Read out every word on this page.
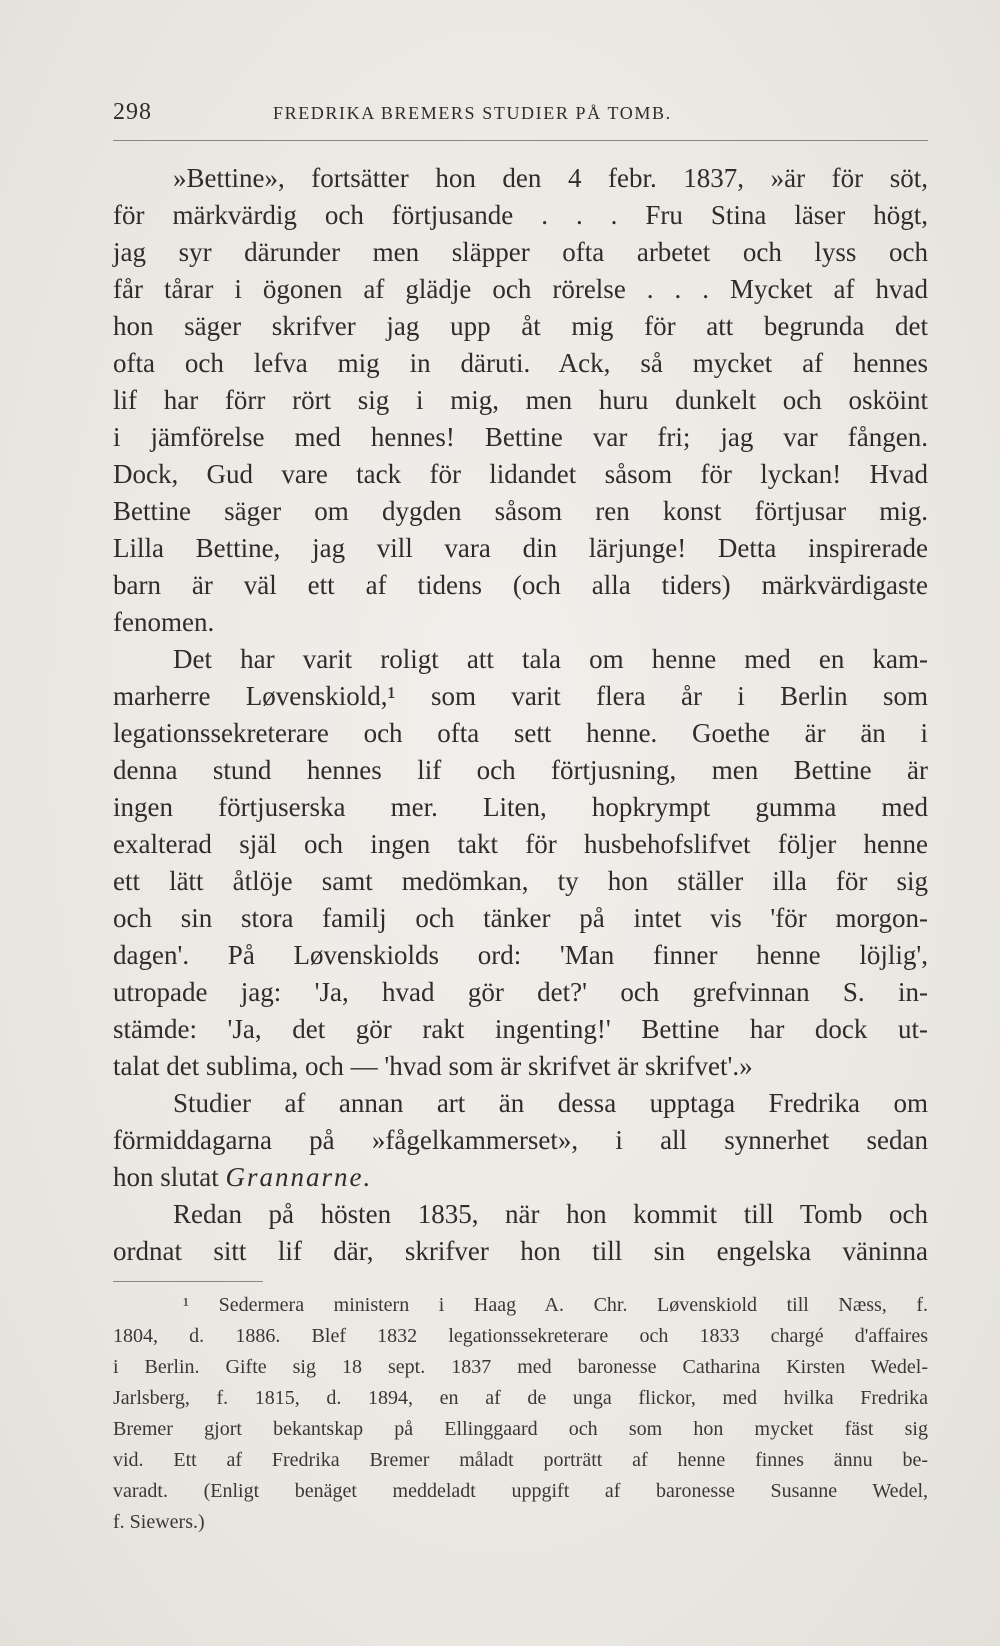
298	FREDRIKA BREMERS STUDIER PÅ TOMB.
»Bettine», fortsätter hon den 4 febr. 1837, »är för söt,
för märkvärdig och förtjusande . . . Fru Stina läser högt,
jag syr därunder men släpper ofta arbetet och lyss och
får tårar i ögonen af glädje och rörelse . . . Mycket af hvad
hon säger skrifver jag upp åt mig för att begrunda det
ofta och lefva mig in däruti. Ack, så mycket af hennes
lif har förr rört sig i mig, men huru dunkelt och osköint
i jämförelse med hennes! Bettine var fri; jag var fången.
Dock, Gud vare tack för lidandet såsom för lyckan! Hvad
Bettine säger om dygden såsom ren konst förtjusar mig.
Lilla Bettine, jag vill vara din lärjunge! Detta inspirerade
barn är väl ett af tidens (och alla tiders) märkvärdigaste
fenomen.
Det har varit roligt att tala om henne med en kam-
marherre Løvenskiold,¹ som varit flera år i Berlin som
legationssekreterare och ofta sett henne. Goethe är än i
denna stund hennes lif och förtjusning, men Bettine är
ingen förtjuserska mer. Liten, hopkrympt gumma med
exalterad själ och ingen takt för husbehofslifvet följer henne
ett lätt åtlöje samt medömkan, ty hon ställer illa för sig
och sin stora familj och tänker på intet vis 'för morgon-
dagen'. På Løvenskiolds ord: 'Man finner henne löjlig',
utropade jag: 'Ja, hvad gör det?' och grefvinnan S. in-
stämde: 'Ja, det gör rakt ingenting!' Bettine har dock ut-
talat det sublima, och — 'hvad som är skrifvet är skrifvet'.»
Studier af annan art än dessa upptaga Fredrika om
förmiddagarna på »fågelkammerset», i all synnerhet sedan
hon slutat Grannarne.
Redan på hösten 1835, när hon kommit till Tomb och
ordnat sitt lif där, skrifver hon till sin engelska väninna
¹ Sedermera ministern i Haag A. Chr. Løvenskiold till Næss, f.
1804, d. 1886. Blef 1832 legationssekreterare och 1833 chargé d'affaires
i Berlin. Gifte sig 18 sept. 1837 med baronesse Catharina Kirsten Wedel-
Jarlsberg, f. 1815, d. 1894, en af de unga flickor, med hvilka Fredrika
Bremer gjort bekantskap på Ellinggaard och som hon mycket fäst sig
vid. Ett af Fredrika Bremer måladt porträtt af henne finnes ännu be-
varadt. (Enligt benäget meddeladt uppgift af baronesse Susanne Wedel,
f. Siewers.)
